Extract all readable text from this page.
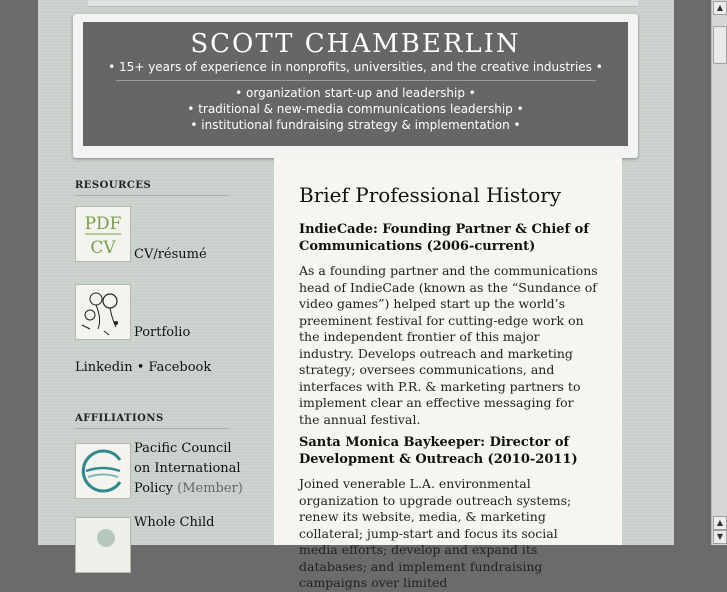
SCOTT CHAMBERLIN
• 15+ years of experience in nonprofits, universities, and the creative industries •
• organization start-up and leadership •
• traditional & new-media communications leadership •
• institutional fundraising strategy & implementation •
RESOURCES
PDF
CV CV/résumé
Portfolio
Linkedin • Facebook
AFFILIATIONS
Pacific Council
on International
Policy (Member)
Whole Child
Brief Professional History
IndieCade: Founding Partner & Chief of Communications (2006-current)
As a founding partner and the communications head of IndieCade (known as the “Sundance of video games”) helped start up the world’s preeminent festival for cutting-edge work on the independent frontier of this major industry. Develops outreach and marketing strategy; oversees communications, and interfaces with P.R. & marketing partners to implement clear an effective messaging for the annual festival.
Santa Monica Baykeeper: Director of Development & Outreach (2010-2011)
Joined venerable L.A. environmental organization to upgrade outreach systems; renew its website, media, & marketing collateral; jump-start and focus its social media efforts; develop and expand its databases; and implement fundraising campaigns over limited
▲
▲
▼
